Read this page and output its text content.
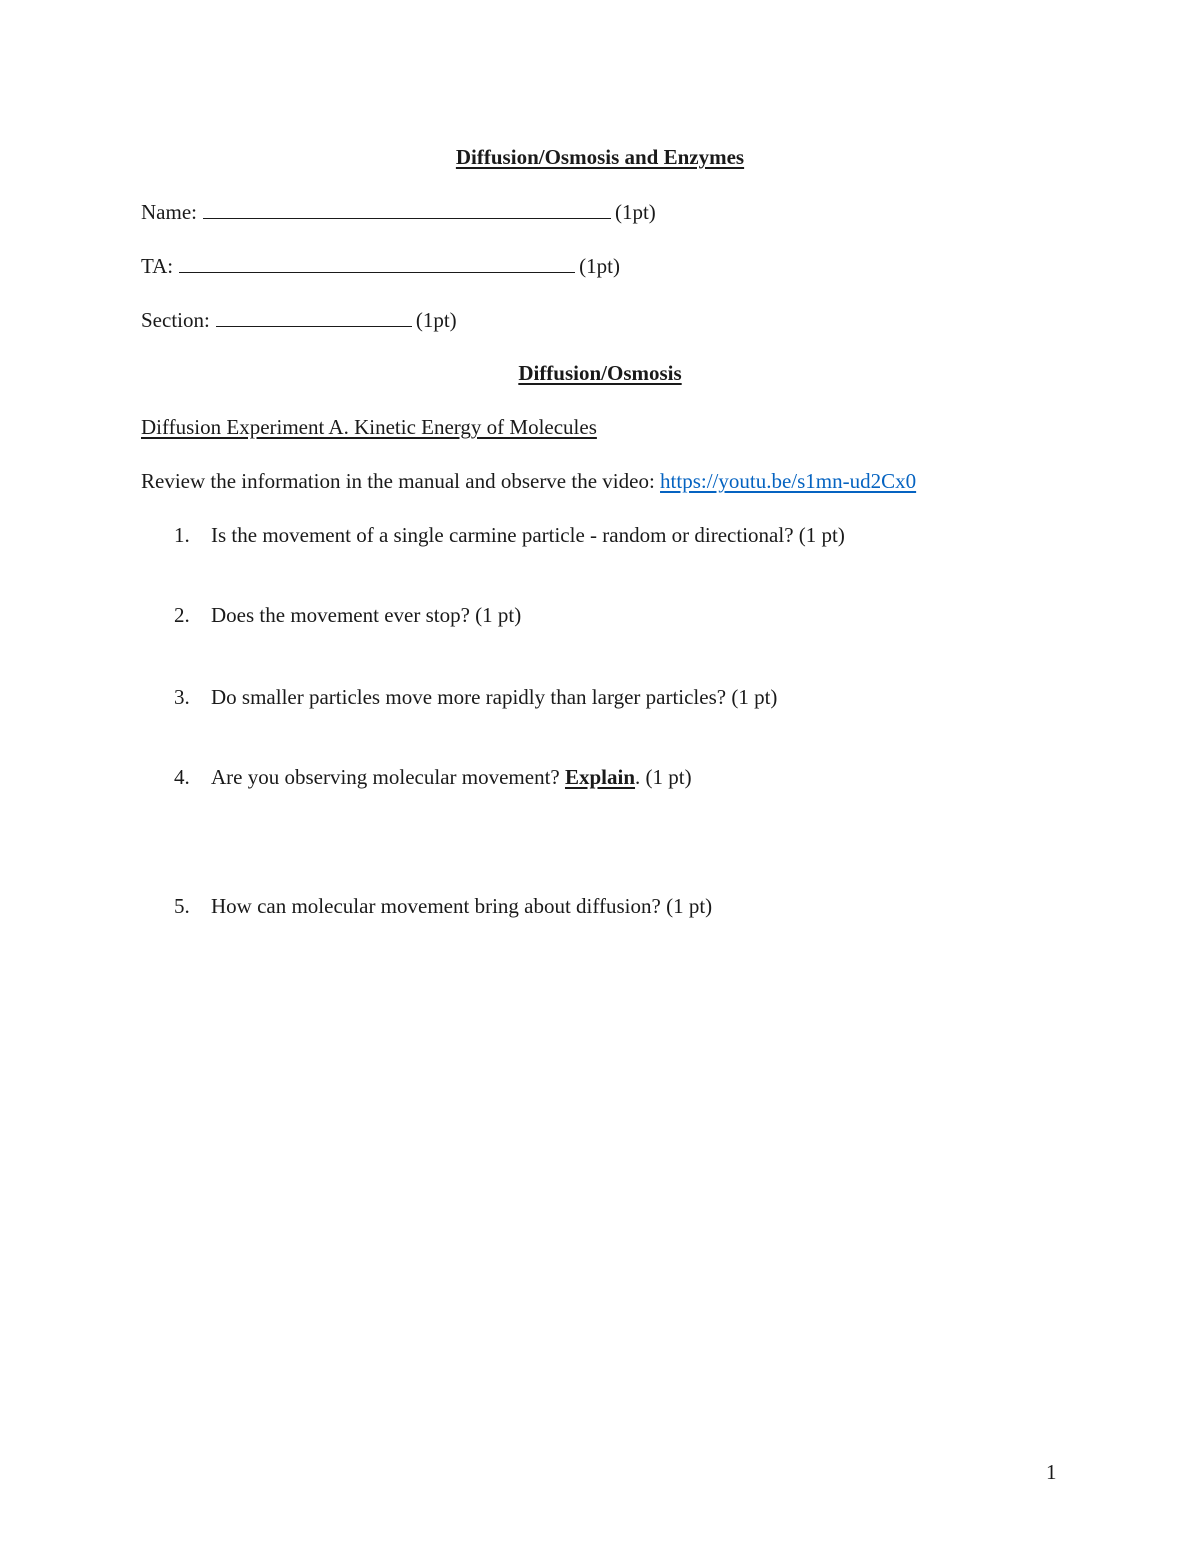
Diffusion/Osmosis and Enzymes
Name:	(1pt)
TA:	(1pt)
Section:	(1pt)
Diffusion/Osmosis
Diffusion Experiment A. Kinetic Energy of Molecules
Review the information in the manual and observe the video: https://youtu.be/s1mn-ud2Cx0
1. Is the movement of a single carmine particle - random or directional? (1 pt)
2. Does the movement ever stop? (1 pt)
3. Do smaller particles move more rapidly than larger particles? (1 pt)
4. Are you observing molecular movement? Explain. (1 pt)
5. How can molecular movement bring about diffusion? (1 pt)
1
